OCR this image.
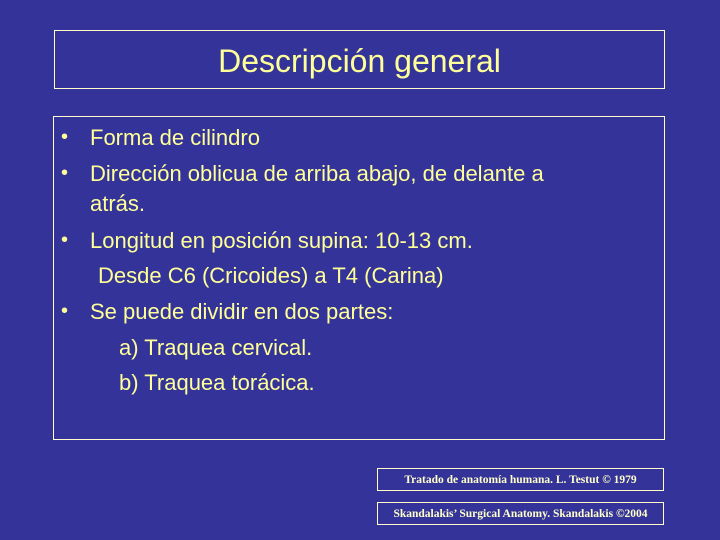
Descripción general
• Forma de cilindro
• Dirección oblicua de arriba abajo, de delante a
atrás.
• Longitud en posición supina: 10-13 cm.
Desde C6 (Cricoides) a T4 (Carina)
• Se puede dividir en dos partes:
a) Traquea cervical.
b) Traquea torácica.
Tratado de anatomía humana. L. Testut © 1979
Skandalakis’ Surgical Anatomy. Skandalakis ©2004
